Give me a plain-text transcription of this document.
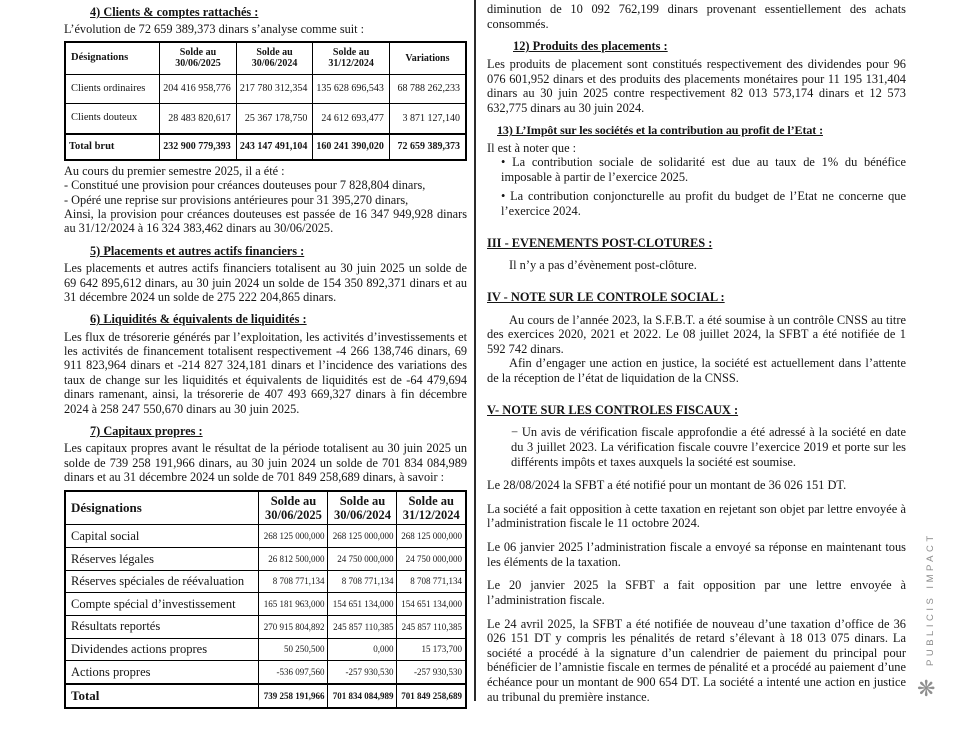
4) Clients & comptes rattachés :

L’évolution de 72 659 389,373 dinars s’analyse comme suit :

Désignations	Solde au 30/06/2025	Solde au 30/06/2024	Solde au 31/12/2024	Variations
Clients ordinaires	204 416 958,776	217 780 312,354	135 628 696,543	68 788 262,233
Clients douteux	28 483 820,617	25 367 178,750	24 612 693,477	3 871 127,140
Total brut	232 900 779,393	243 147 491,104	160 241 390,020	72 659 389,373

Au cours du premier semestre 2025, il a été :

- Constitué une provision pour créances douteuses pour 7 828,804 dinars,

- Opéré une reprise sur provisions antérieures pour 31 395,270 dinars,

Ainsi, la provision pour créances douteuses est passée de 16 347 949,928 dinars au 31/12/2024 à 16 324 383,462 dinars au 30/06/2025.

5) Placements et autres actifs financiers :

Les placements et autres actifs financiers totalisent au 30 juin 2025 un solde de 69 642 895,612 dinars, au 30 juin 2024 un solde de 154 350 892,371 dinars et au 31 décembre 2024 un solde de 275 222 204,865 dinars.

6) Liquidités & équivalents de liquidités :

Les flux de trésorerie générés par l’exploitation, les activités d’investissements et les activités de financement totalisent respectivement -4 266 138,746 dinars, 69 911 823,964 dinars et -214 827 324,181 dinars et l’incidence des variations des taux de change sur les liquidités et équivalents de liquidités est de -64 479,694 dinars ramenant, ainsi, la trésorerie de 407 493 669,327 dinars à fin décembre 2024 à 258 247 550,670 dinars au 30 juin 2025.

7) Capitaux propres :

Les capitaux propres avant le résultat de la période totalisent au 30 juin 2025 un solde de 739 258 191,966 dinars, au 30 juin 2024 un solde de 701 834 084,989 dinars et au 31 décembre 2024 un solde de 701 849 258,689 dinars, à savoir :

Désignations	Solde au 30/06/2025	Solde au 30/06/2024	Solde au 31/12/2024
Capital social	268 125 000,000	268 125 000,000	268 125 000,000
Réserves légales	26 812 500,000	24 750 000,000	24 750 000,000
Réserves spéciales de réévaluation	8 708 771,134	8 708 771,134	8 708 771,134
Compte spécial d’investissement	165 181 963,000	154 651 134,000	154 651 134,000
Résultats reportés	270 915 804,892	245 857 110,385	245 857 110,385
Dividendes actions propres	50 250,500	0,000	15 173,700
Actions propres	-536 097,560	-257 930,530	-257 930,530
Total	739 258 191,966	701 834 084,989	701 849 258,689

diminution de 10 092 762,199 dinars provenant essentiellement des achats consommés.

12) Produits des placements :

Les produits de placement sont constitués respectivement des dividendes pour 96 076 601,952 dinars et des produits des placements monétaires pour 11 195 131,404 dinars au 30 juin 2025 contre respectivement 82 013 573,174 dinars et 12 573 632,775 dinars au 30 juin 2024.

13) L’Impôt sur les sociétés et la contribution au profit de l’Etat :

Il est à noter que :

• La contribution sociale de solidarité est due au taux de 1% du bénéfice imposable à partir de l’exercice 2025.

• La contribution conjoncturelle au profit du budget de l’Etat ne concerne que l’exercice 2024.

III - EVENEMENTS POST-CLOTURES :

Il n’y a pas d’évènement post-clôture.

IV - NOTE SUR LE CONTROLE SOCIAL :

Au cours de l’année 2023, la S.F.B.T. a été soumise à un contrôle CNSS au titre des exercices 2020, 2021 et 2022. Le 08 juillet 2024, la SFBT a été notifiée de 1 592 742 dinars.

Afin d’engager une action en justice, la société est actuellement dans l’attente de la réception de l’état de liquidation de la CNSS.

V- NOTE SUR LES CONTROLES FISCAUX :

− Un avis de vérification fiscale approfondie a été adressé à la société en date du 3 juillet 2023. La vérification fiscale couvre l’exercice 2019 et porte sur les différents impôts et taxes auxquels la société est soumise.

Le 28/08/2024 la SFBT a été notifié pour un montant de 36 026 151 DT.

La société a fait opposition à cette taxation en rejetant son objet par lettre envoyée à l’administration fiscale le 11 octobre 2024.

Le 06 janvier 2025 l’administration fiscale a envoyé sa réponse en maintenant tous les éléments de la taxation.

Le 20 janvier 2025 la SFBT a fait opposition par une lettre envoyée à l’administration fiscale.

Le 24 avril 2025, la SFBT a été notifiée de nouveau d’une taxation d’office de 36 026 151 DT y compris les pénalités de retard s’élevant à 18 013 075 dinars. La société a procédé à la signature d’un calendrier de paiement du principal pour bénéficier de l’amnistie fiscale en termes de pénalité et a procédé au paiement d’une échéance pour un montant de 900 654 DT. La société a intenté une action en justice au tribunal du première instance.

PUBLICIS IMPACT
❋
